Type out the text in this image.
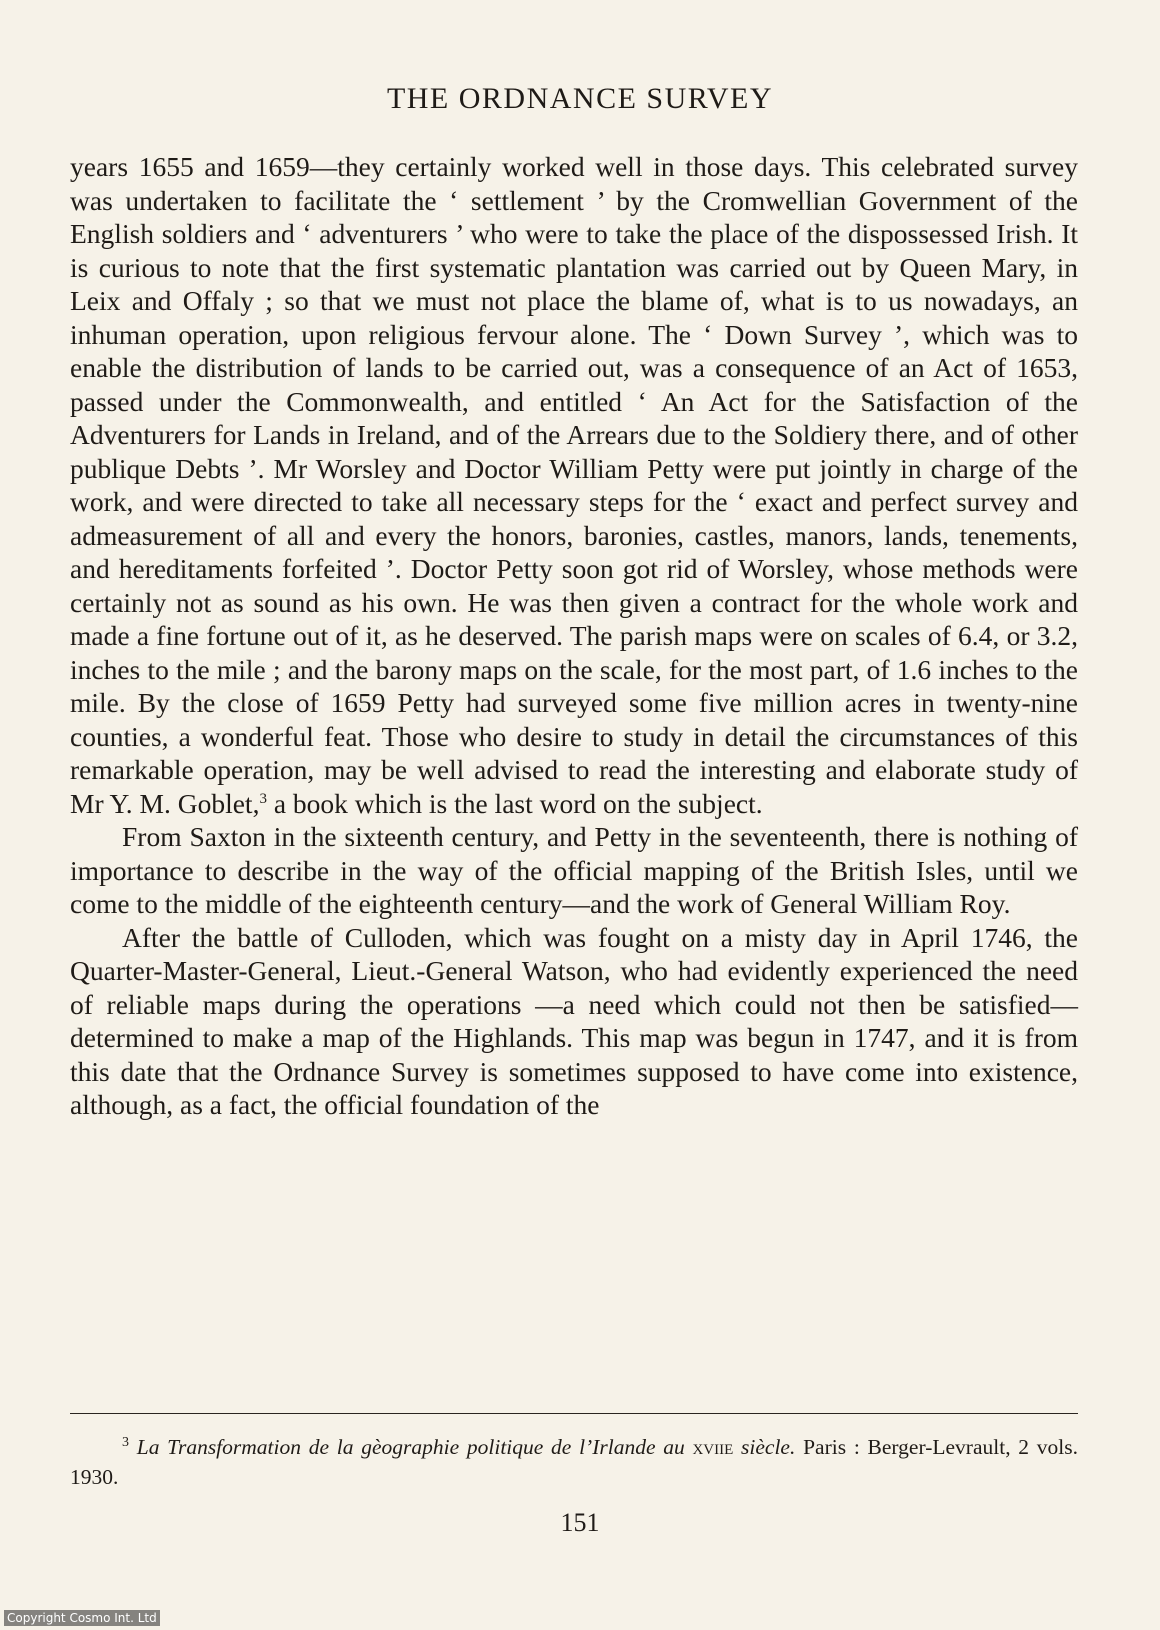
THE ORDNANCE SURVEY

years 1655 and 1659—they certainly worked well in those days. This celebrated survey was undertaken to facilitate the ‘ settlement ’ by the Cromwellian Government of the English soldiers and ‘ adventurers ’ who were to take the place of the dispossessed Irish. It is curious to note that the first systematic plantation was carried out by Queen Mary, in Leix and Offaly ; so that we must not place the blame of, what is to us nowadays, an inhuman operation, upon religious fervour alone. The ‘ Down Survey ’, which was to enable the distribution of lands to be carried out, was a consequence of an Act of 1653, passed under the Commonwealth, and entitled ‘ An Act for the Satisfaction of the Adventurers for Lands in Ireland, and of the Arrears due to the Soldiery there, and of other publique Debts ’. Mr Worsley and Doctor William Petty were put jointly in charge of the work, and were directed to take all necessary steps for the ‘ exact and perfect survey and admeasurement of all and every the honors, baronies, castles, manors, lands, tenements, and hereditaments forfeited ’. Doctor Petty soon got rid of Worsley, whose methods were certainly not as sound as his own. He was then given a contract for the whole work and made a fine fortune out of it, as he deserved. The parish maps were on scales of 6.4, or 3.2, inches to the mile ; and the barony maps on the scale, for the most part, of 1.6 inches to the mile. By the close of 1659 Petty had surveyed some five million acres in twenty-nine counties, a wonderful feat. Those who desire to study in detail the circumstances of this remarkable operation, may be well advised to read the interesting and elaborate study of Mr Y. M. Goblet,$^3$ a book which is the last word on the subject.

From Saxton in the sixteenth century, and Petty in the seventeenth, there is nothing of importance to describe in the way of the official mapping of the British Isles, until we come to the middle of the eighteenth century—and the work of General William Roy.

After the battle of Culloden, which was fought on a misty day in April 1746, the Quarter-Master-General, Lieut.-General Watson, who had evidently experienced the need of reliable maps during the operations —a need which could not then be satisfied—determined to make a map of the Highlands. This map was begun in 1747, and it is from this date that the Ordnance Survey is sometimes supposed to have come into existence, although, as a fact, the official foundation of the

$^3$ La Transformation de la gèographie politique de l’Irlande au xviie siècle. Paris : Berger-Levrault, 2 vols. 1930.
151
Copyright Cosmo Int. Ltd
